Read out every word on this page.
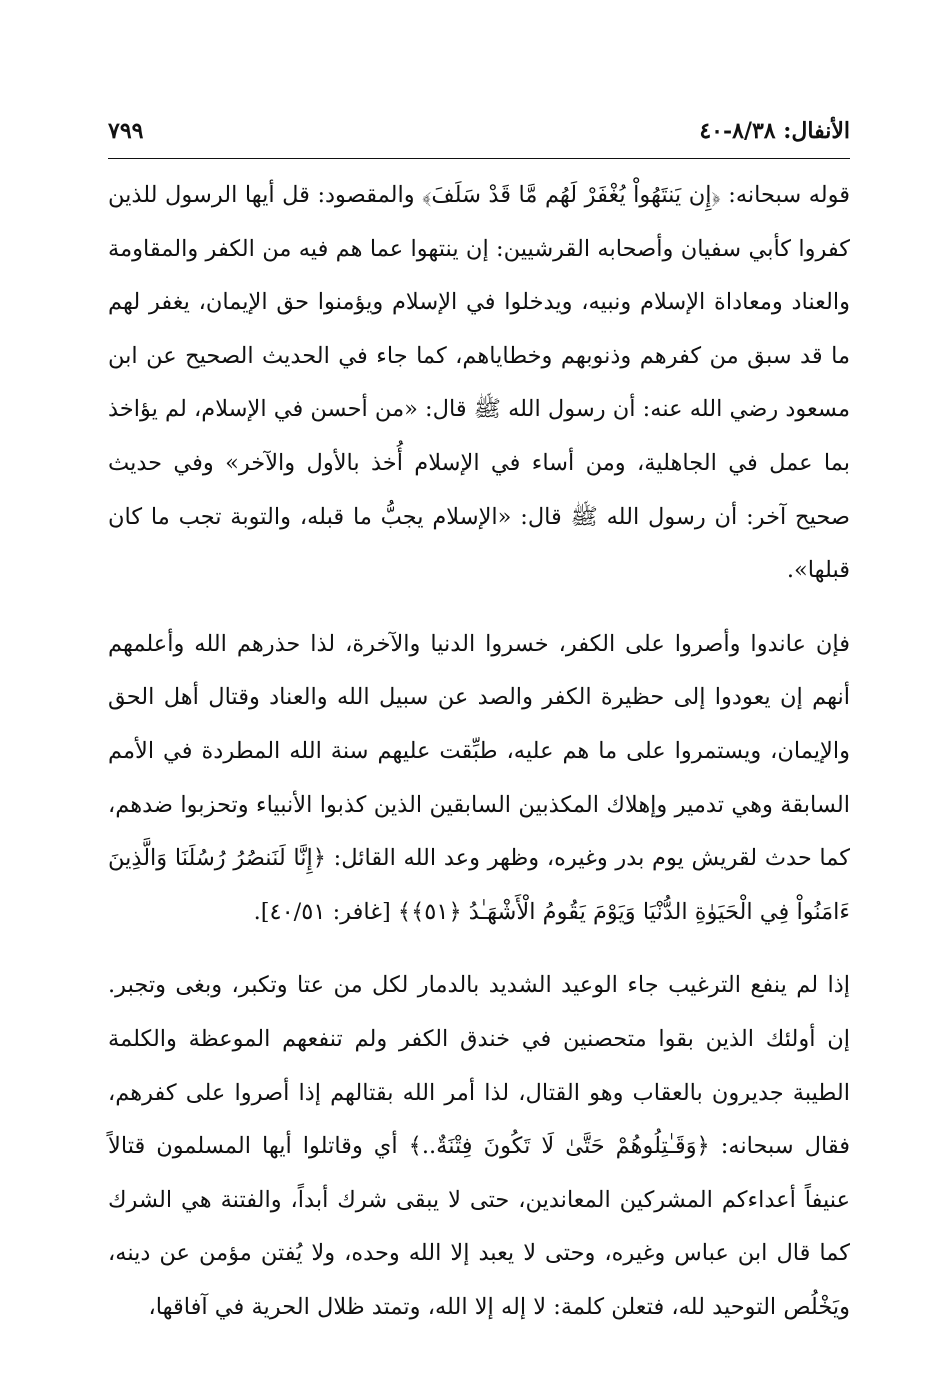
الأنفال: ٨/٣٨-٤٠
٧٩٩

قوله سبحانه: ﴿إِن يَنتَهُواْ يُغْفَرْ لَهُم مَّا قَدْ سَلَفَ﴾ والمقصود: قل أيها الرسول للذين كفروا كأبي سفيان وأصحابه القرشيين: إن ينتهوا عما هم فيه من الكفر والمقاومة والعناد ومعاداة الإسلام ونبيه، ويدخلوا في الإسلام ويؤمنوا حق الإيمان، يغفر لهم ما قد سبق من كفرهم وذنوبهم وخطاياهم، كما جاء في الحديث الصحيح عن ابن مسعود رضي الله عنه: أن رسول الله ﷺ قال: «من أحسن في الإسلام، لم يؤاخذ بما عمل في الجاهلية، ومن أساء في الإسلام أُخذ بالأول والآخر» وفي حديث صحيح آخر: أن رسول الله ﷺ قال: «الإسلام يجبُّ ما قبله، والتوبة تجب ما كان قبلها».

فإن عاندوا وأصروا على الكفر، خسروا الدنيا والآخرة، لذا حذرهم الله وأعلمهم أنهم إن يعودوا إلى حظيرة الكفر والصد عن سبيل الله والعناد وقتال أهل الحق والإيمان، ويستمروا على ما هم عليه، طبِّقت عليهم سنة الله المطردة في الأمم السابقة وهي تدمير وإهلاك المكذبين السابقين الذين كذبوا الأنبياء وتحزبوا ضدهم، كما حدث لقريش يوم بدر وغيره، وظهر وعد الله القائل: ﴿إِنَّا لَنَنصُرُ رُسُلَنَا وَالَّذِينَ ءَامَنُواْ فِي الْحَيَوٰةِ الدُّنْيَا وَيَوْمَ يَقُومُ الْأَشْهَـٰدُ ﴿٥١﴾﴾ [غافر: ٤٠/٥١].

إذا لم ينفع الترغيب جاء الوعيد الشديد بالدمار لكل من عتا وتكبر، وبغى وتجبر. إن أولئك الذين بقوا متحصنين في خندق الكفر ولم تنفعهم الموعظة والكلمة الطيبة جديرون بالعقاب وهو القتال، لذا أمر الله بقتالهم إذا أصروا على كفرهم، فقال سبحانه: ﴿وَقَـٰتِلُوهُمْ حَتَّىٰ لَا تَكُونَ فِتْنَةٌ..﴾ أي وقاتلوا أيها المسلمون قتالاً عنيفاً أعداءكم المشركين المعاندين، حتى لا يبقى شرك أبداً، والفتنة هي الشرك كما قال ابن عباس وغيره، وحتى لا يعبد إلا الله وحده، ولا يُفتن مؤمن عن دينه، ويَخْلُص التوحيد لله، فتعلن كلمة: لا إله إلا الله، وتمتد ظلال الحرية في آفاقها،
